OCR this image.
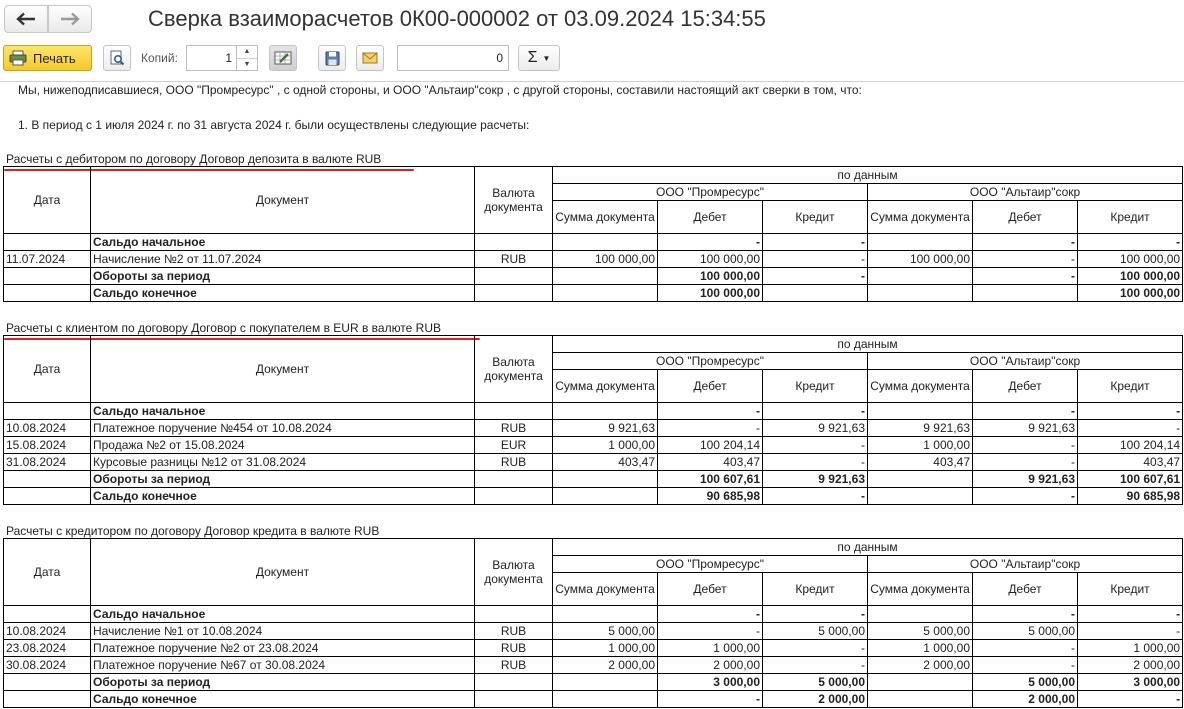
Сверка взаиморасчетов 0К00-000002 от 03.09.2024 15:34:55
Печать	Копий:	1	▲
▼	0	Σ ▼
Мы, нижеподписавшиеся, ООО "Промресурс" , с одной стороны, и ООО "Альтаир"сокр , с другой стороны, составили настоящий акт сверки в том, что:
1. В период с 1 июля 2024 г. по 31 августа 2024 г. были осуществлены следующие расчеты:
Расчеты с дебитором по договору Договор депозита в валюте RUB
Дата	Документ	Валюта документа	по данным					
			ООО "Промресурс"			ООО "Альтаир"сокр		
			Сумма документа	Дебет	Кредит	Сумма документа	Дебет	Кредит
	Сальдо начальное			-	-		-	-
11.07.2024	Начисление №2 от 11.07.2024	RUB	100 000,00	100 000,00	-	100 000,00	-	100 000,00
	Обороты за период			100 000,00	-		-	100 000,00
	Сальдо конечное			100 000,00				100 000,00
Расчеты с клиентом по договору Договор с покупателем в EUR в валюте RUB
Дата	Документ	Валюта документа	по данным					
			ООО "Промресурс"			ООО "Альтаир"сокр		
			Сумма документа	Дебет	Кредит	Сумма документа	Дебет	Кредит
	Сальдо начальное			-	-		-	-
10.08.2024	Платежное поручение №454 от 10.08.2024	RUB	9 921,63	-	9 921,63	9 921,63	9 921,63	-
15.08.2024	Продажа №2 от 15.08.2024	EUR	1 000,00	100 204,14	-	1 000,00	-	100 204,14
31.08.2024	Курсовые разницы №12 от 31.08.2024	RUB	403,47	403,47	-	403,47	-	403,47
	Обороты за период			100 607,61	9 921,63		9 921,63	100 607,61
	Сальдо конечное			90 685,98	-		-	90 685,98
Расчеты с кредитором по договору Договор кредита в валюте RUB
Дата	Документ	Валюта документа	по данным					
			ООО "Промресурс"			ООО "Альтаир"сокр		
			Сумма документа	Дебет	Кредит	Сумма документа	Дебет	Кредит
	Сальдо начальное			-	-		-	-
10.08.2024	Начисление №1 от 10.08.2024	RUB	5 000,00	-	5 000,00	5 000,00	5 000,00	-
23.08.2024	Платежное поручение №2 от 23.08.2024	RUB	1 000,00	1 000,00	-	1 000,00	-	1 000,00
30.08.2024	Платежное поручение №67 от 30.08.2024	RUB	2 000,00	2 000,00	-	2 000,00	-	2 000,00
	Обороты за период			3 000,00	5 000,00		5 000,00	3 000,00
	Сальдо конечное			-	2 000,00		2 000,00	-
